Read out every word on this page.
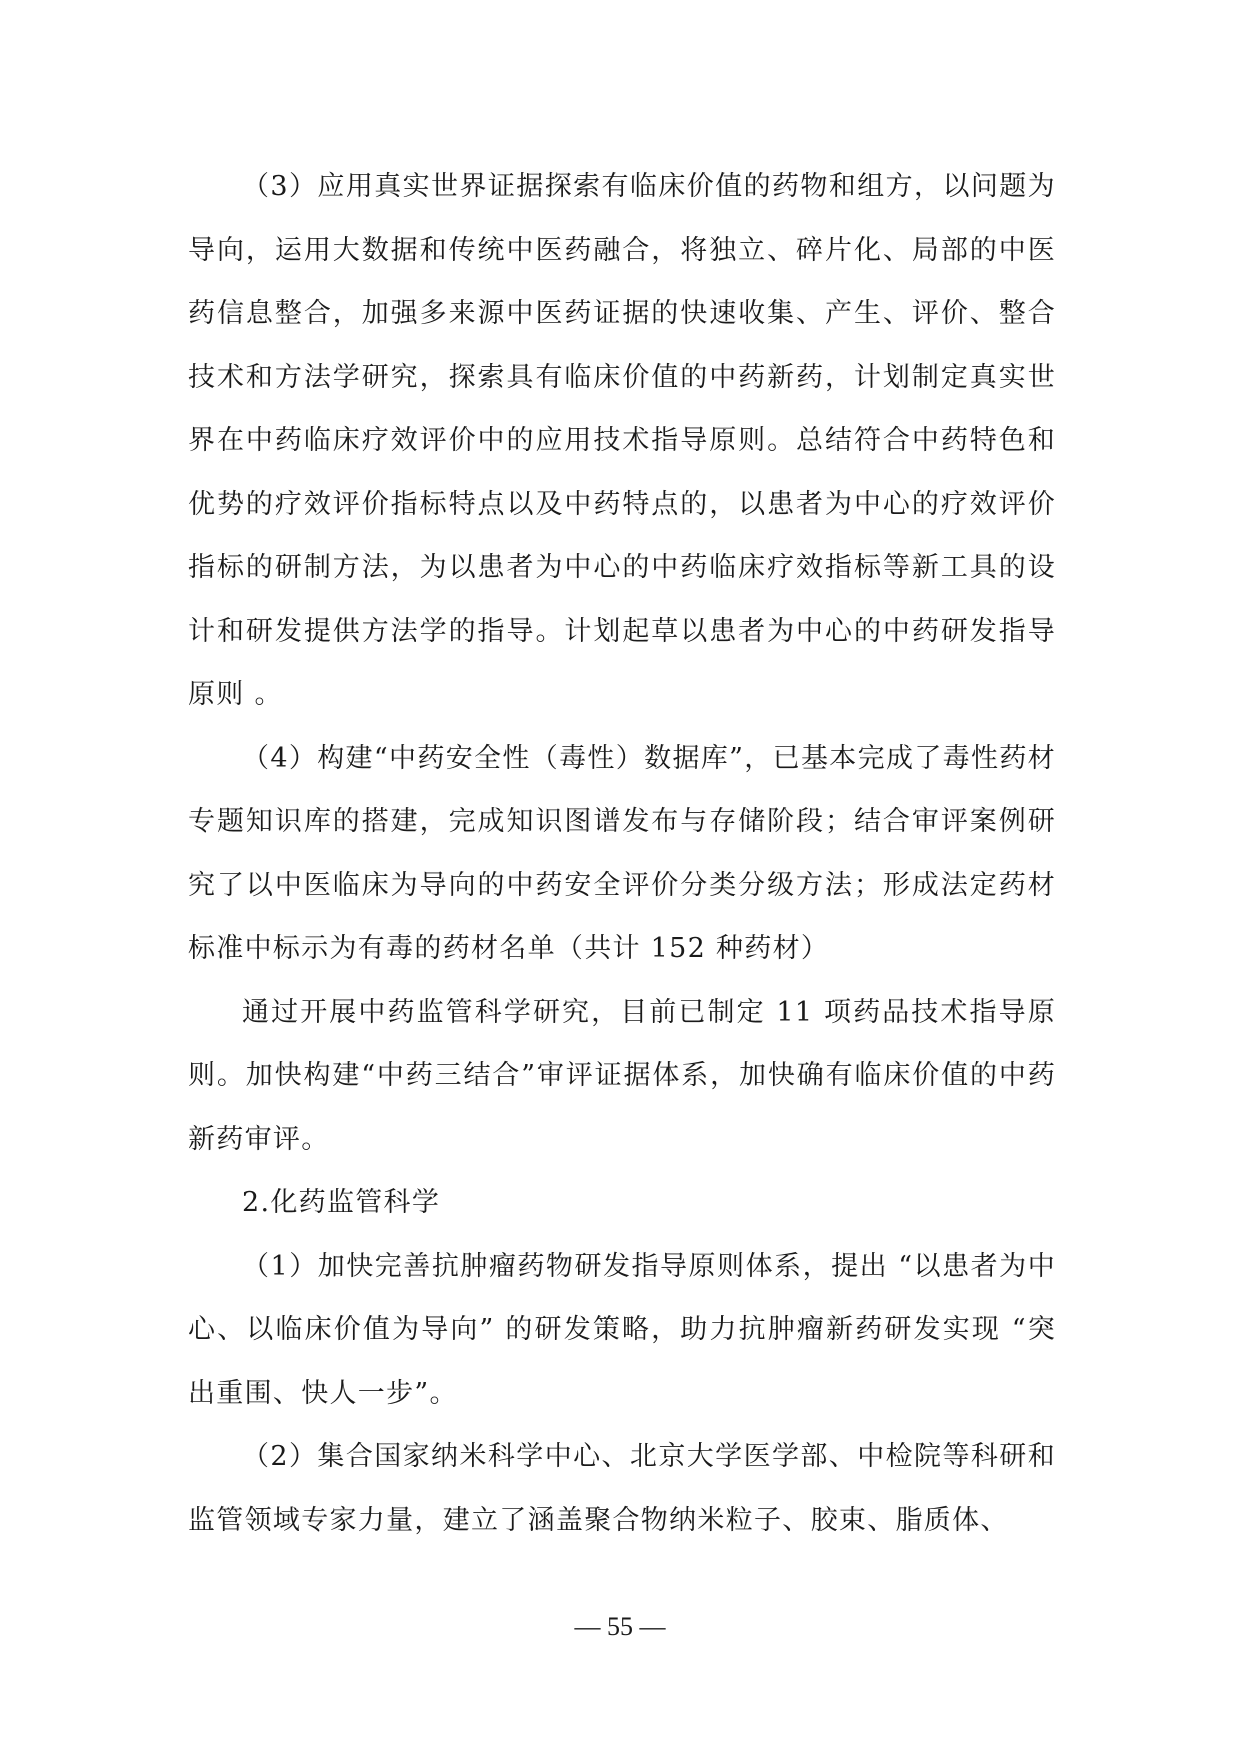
（3）应用真实世界证据探索有临床价值的药物和组方，以问题为导向，运用大数据和传统中医药融合，将独立、碎片化、局部的中医药信息整合，加强多来源中医药证据的快速收集、产生、评价、整合技术和方法学研究，探索具有临床价值的中药新药，计划制定真实世界在中药临床疗效评价中的应用技术指导原则。总结符合中药特色和优势的疗效评价指标特点以及中药特点的，以患者为中心的疗效评价指标的研制方法，为以患者为中心的中药临床疗效指标等新工具的设计和研发提供方法学的指导。计划起草以患者为中心的中药研发指导原则 。

（4）构建“中药安全性（毒性）数据库”，已基本完成了毒性药材专题知识库的搭建，完成知识图谱发布与存储阶段；结合审评案例研究了以中医临床为导向的中药安全评价分类分级方法；形成法定药材标准中标示为有毒的药材名单（共计 152 种药材）

通过开展中药监管科学研究，目前已制定 11 项药品技术指导原则。加快构建“中药三结合”审评证据体系，加快确有临床价值的中药新药审评。

2.化药监管科学

（1）加快完善抗肿瘤药物研发指导原则体系，提出 “以患者为中心、以临床价值为导向” 的研发策略，助力抗肿瘤新药研发实现 “突出重围、快人一步”。

（2）集合国家纳米科学中心、北京大学医学部、中检院等科研和监管领域专家力量，建立了涵盖聚合物纳米粒子、胶束、脂质体、

— 55 —
